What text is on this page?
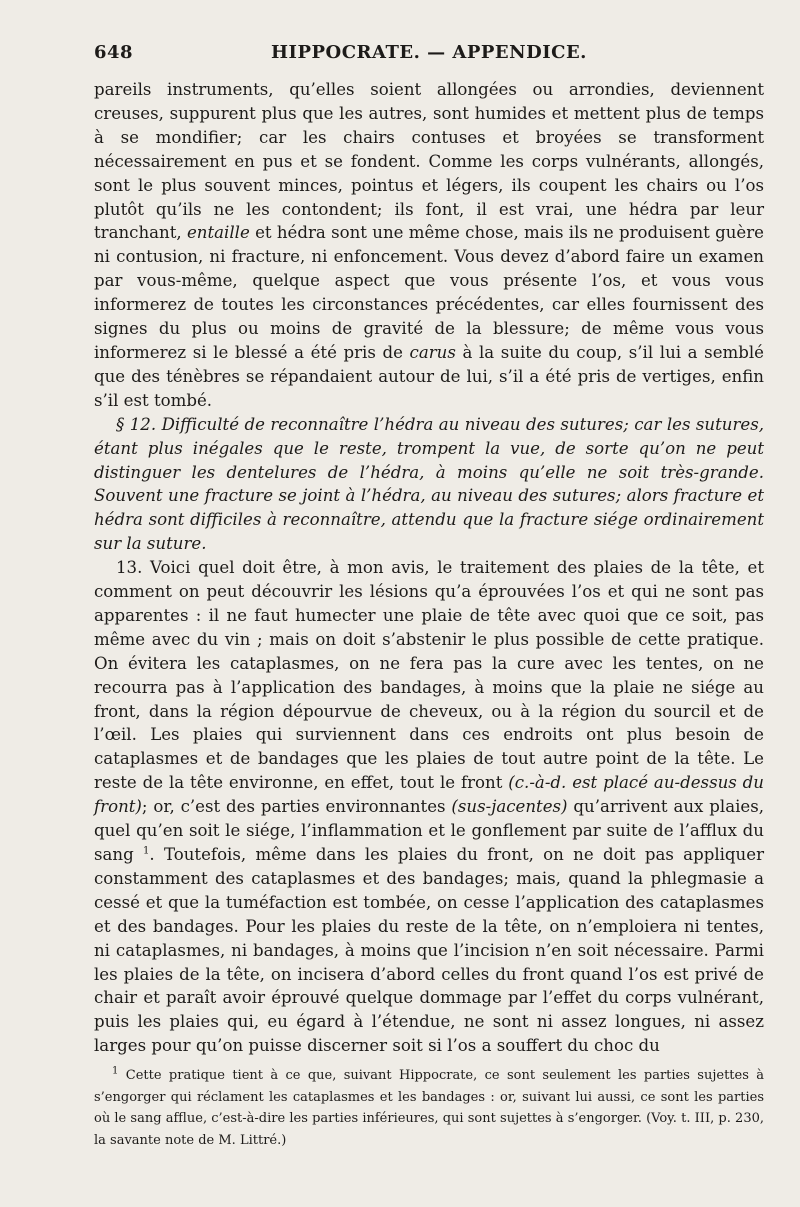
648	HIPPOCRATE. — APPENDICE.

pareils instruments, qu’elles soient allongées ou arrondies, deviennent creuses, suppurent plus que les autres, sont humides et mettent plus de temps à se mondifier; car les chairs contuses et broyées se transforment nécessairement en pus et se fondent. Comme les corps vulnérants, allongés, sont le plus souvent minces, pointus et légers, ils coupent les chairs ou l’os plutôt qu’ils ne les contondent; ils font, il est vrai, une hédra par leur tranchant, entaille et hédra sont une même chose, mais ils ne produisent guère ni contusion, ni fracture, ni enfoncement. Vous devez d’abord faire un examen par vous-même, quelque aspect que vous présente l’os, et vous vous informerez de toutes les circonstances précédentes, car elles fournissent des signes du plus ou moins de gravité de la blessure; de même vous vous informerez si le blessé a été pris de carus à la suite du coup, s’il lui a semblé que des ténèbres se répandaient autour de lui, s’il a été pris de vertiges, enfin s’il est tombé.

§ 12. Difficulté de reconnaître l’hédra au niveau des sutures; car les sutures, étant plus inégales que le reste, trompent la vue, de sorte qu’on ne peut distinguer les dentelures de l’hédra, à moins qu’elle ne soit très-grande. Souvent une fracture se joint à l’hédra, au niveau des sutures; alors fracture et hédra sont difficiles à reconnaître, attendu que la fracture siége ordinairement sur la suture.

13. Voici quel doit être, à mon avis, le traitement des plaies de la tête, et comment on peut découvrir les lésions qu’a éprouvées l’os et qui ne sont pas apparentes : il ne faut humecter une plaie de tête avec quoi que ce soit, pas même avec du vin ; mais on doit s’abstenir le plus possible de cette pratique. On évitera les cataplasmes, on ne fera pas la cure avec les tentes, on ne recourra pas à l’application des bandages, à moins que la plaie ne siége au front, dans la région dépourvue de cheveux, ou à la région du sourcil et de l’œil. Les plaies qui surviennent dans ces endroits ont plus besoin de cataplasmes et de bandages que les plaies de tout autre point de la tête. Le reste de la tête environne, en effet, tout le front (c.-à-d. est placé au-dessus du front); or, c’est des parties environnantes (sus-jacentes) qu’arrivent aux plaies, quel qu’en soit le siége, l’inflammation et le gonflement par suite de l’afflux du sang $^1$. Toutefois, même dans les plaies du front, on ne doit pas appliquer constamment des cataplasmes et des bandages; mais, quand la phlegmasie a cessé et que la tuméfaction est tombée, on cesse l’application des cataplasmes et des bandages. Pour les plaies du reste de la tête, on n’emploiera ni tentes, ni cataplasmes, ni bandages, à moins que l’incision n’en soit nécessaire. Parmi les plaies de la tête, on incisera d’abord celles du front quand l’os est privé de chair et paraît avoir éprouvé quelque dommage par l’effet du corps vulnérant, puis les plaies qui, eu égard à l’étendue, ne sont ni assez longues, ni assez larges pour qu’on puisse discerner soit si l’os a souffert du choc du

$^1$ Cette pratique tient à ce que, suivant Hippocrate, ce sont seulement les parties sujettes à s’engorger qui réclament les cataplasmes et les bandages : or, suivant lui aussi, ce sont les parties où le sang afflue, c’est-à-dire les parties inférieures, qui sont sujettes à s’engorger. (Voy. t. III, p. 230, la savante note de M. Littré.)
